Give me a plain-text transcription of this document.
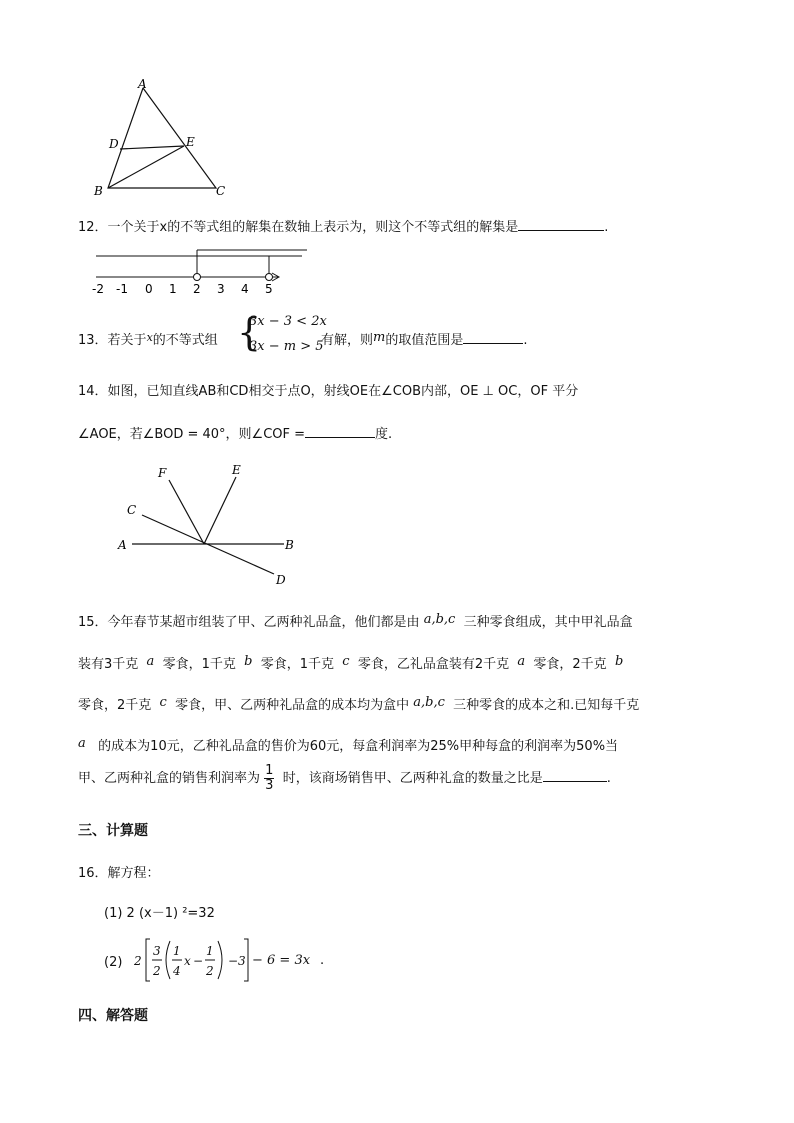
A
D	E
B	C
12．一个关于x的不等式组的解集在数轴上表示为，则这个不等式组的解集是	.
-2 -1 0 1 2 3 4 5
13．若关于$^x$的不等式组 {
3x − 3 < 2x
3x − m > 5
有解，则m的取值范围是	.
14．如图，已知直线AB和CD相交于点O，射线OE在∠COB内部，OE ⊥ OC，OF 平分
∠AOE，若∠BOD = 40°，则∠COF =	度.
F	E
C
A	B
D
15．今年春节某超市组装了甲、乙两种礼品盒，他们都是由 a,b,c 三种零食组成，其中甲礼品盒
装有3千克 a 零食，1千克 b 零食，1千克 c 零食，乙礼品盒装有2千克 a 零食，2千克 b
零食，2千克 c 零食，甲、乙两种礼品盒的成本均为盒中 a,b,c 三种零食的成本之和.已知每千克
a 的成本为10元，乙种礼品盒的售价为60元，每盒利润率为25%甲种每盒的利润率为50%当
甲、乙两种礼盒的销售利润率为 $\frac{1}{3}$ 时，该商场销售甲、乙两种礼盒的数量之比是	.
三、计算题
16．解方程：
(1) 2 (x－1) ²=32
(2) 2
3
2
1
4
x −
1
2
−3 − 6 = 3x .
四、解答题
